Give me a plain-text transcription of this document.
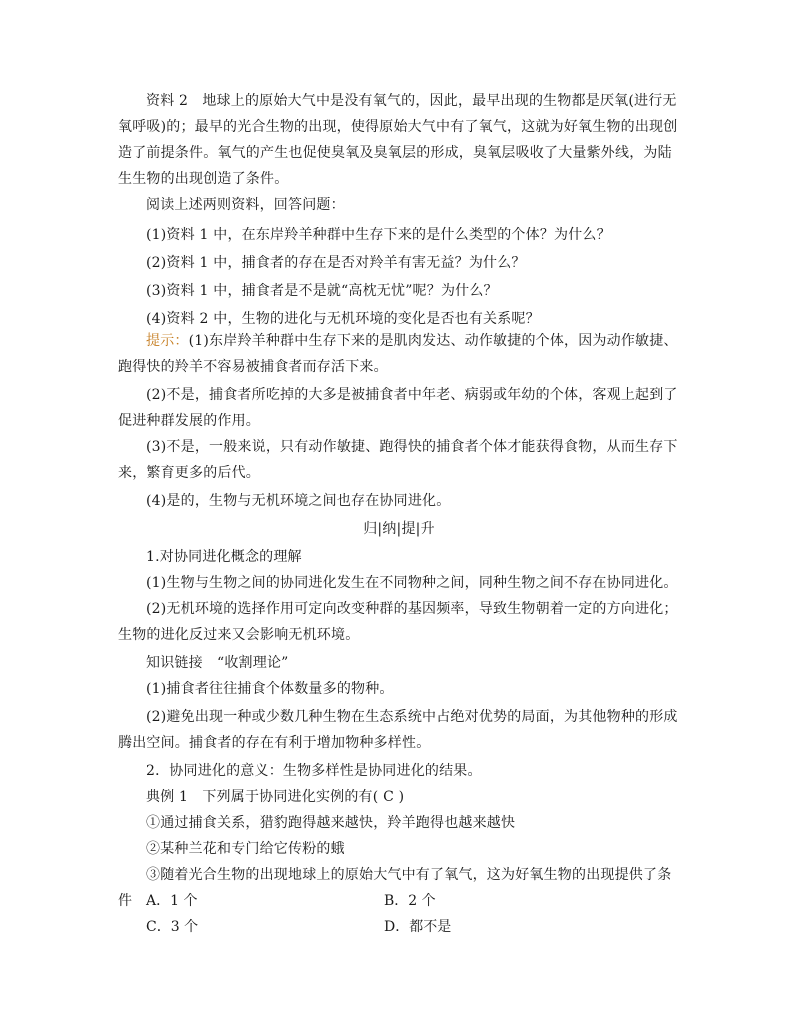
资料 2　地球上的原始大气中是没有氧气的，因此，最早出现的生物都是厌氧(进行无氧呼吸)的；最早的光合生物的出现，使得原始大气中有了氧气，这就为好氧生物的出现创造了前提条件。氧气的产生也促使臭氧及臭氧层的形成，臭氧层吸收了大量紫外线，为陆生生物的出现创造了条件。

阅读上述两则资料，回答问题：

(1)资料 1 中，在东岸羚羊种群中生存下来的是什么类型的个体？为什么？

(2)资料 1 中，捕食者的存在是否对羚羊有害无益？为什么？

(3)资料 1 中，捕食者是不是就“高枕无忧”呢？为什么？

(4)资料 2 中，生物的进化与无机环境的变化是否也有关系呢？

提示：(1)东岸羚羊种群中生存下来的是肌肉发达、动作敏捷的个体，因为动作敏捷、跑得快的羚羊不容易被捕食者而存活下来。

(2)不是，捕食者所吃掉的大多是被捕食者中年老、病弱或年幼的个体，客观上起到了促进种群发展的作用。

(3)不是，一般来说，只有动作敏捷、跑得快的捕食者个体才能获得食物，从而生存下来，繁育更多的后代。

(4)是的，生物与无机环境之间也存在协同进化。

归|纳|提|升

1.对协同进化概念的理解

(1)生物与生物之间的协同进化发生在不同物种之间，同种生物之间不存在协同进化。

(2)无机环境的选择作用可定向改变种群的基因频率，导致生物朝着一定的方向进化；生物的进化反过来又会影响无机环境。

知识链接　“收割理论”

(1)捕食者往往捕食个体数量多的物种。

(2)避免出现一种或少数几种生物在生态系统中占绝对优势的局面，为其他物种的形成腾出空间。捕食者的存在有利于增加物种多样性。

2．协同进化的意义：生物多样性是协同进化的结果。

典例 1　下列属于协同进化实例的有( C )

①通过捕食关系，猎豹跑得越来越快，羚羊跑得也越来越快

②某种兰花和专门给它传粉的蛾

③随着光合生物的出现地球上的原始大气中有了氧气，这为好氧生物的出现提供了条件 A．1 个	B．2 个
C．3 个	D．都不是
